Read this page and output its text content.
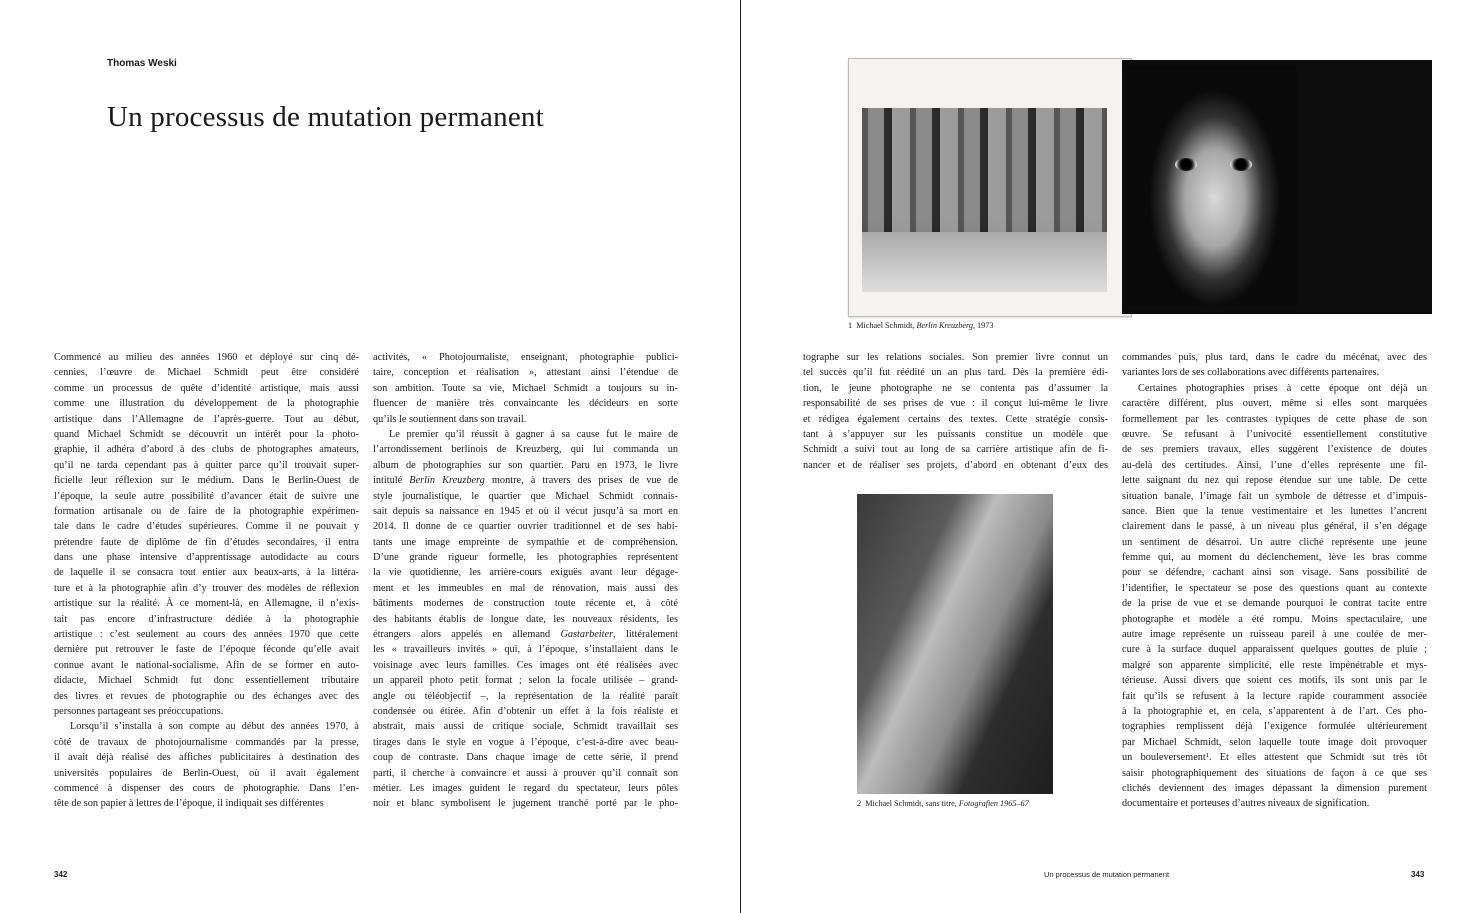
Thomas Weski
Un processus de mutation permanent
Commencé au milieu des années 1960 et déployé sur cinq dé-
cennies, l’œuvre de Michael Schmidt peut être considéré
comme un processus de quête d’identité artistique, mais aussi
comme une illustration du développement de la photographie
artistique dans l’Allemagne de l’après-guerre. Tout au début,
quand Michael Schmidt se découvrit un intérêt pour la photo-
graphie, il adhéra d’abord à des clubs de photographes amateurs,
qu’il ne tarda cependant pas à quitter parce qu’il trouvait super-
ficielle leur réflexion sur le médium. Dans le Berlin-Ouest de
l’époque, la seule autre possibilité d’avancer était de suivre une
formation artisanale ou de faire de la photographie expérimen-
tale dans le cadre d’études supérieures. Comme il ne pouvait y
prétendre faute de diplôme de fin d’études secondaires, il entra
dans une phase intensive d’apprentissage autodidacte au cours
de laquelle il se consacra tout entier aux beaux-arts, à la littéra-
ture et à la photographie afin d’y trouver des modèles de réflexion
artistique sur la réalité. À ce moment-là, en Allemagne, il n’exis-
tait pas encore d’infrastructure dédiée à la photographie
artistique : c’est seulement au cours des années 1970 que cette
dernière put retrouver le faste de l’époque féconde qu’elle avait
connue avant le national-socialisme. Afin de se former en auto-
didacte, Michael Schmidt fut donc essentiellement tributaire
des livres et revues de photographie ou des échanges avec des
personnes partageant ses préoccupations.
Lorsqu’il s’installa à son compte au début des années 1970, à
côté de travaux de photojournalisme commandés par la presse,
il avait déjà réalisé des affiches publicitaires à destination des
universités populaires de Berlin-Ouest, où il avait également
commencé à dispenser des cours de photographie. Dans l’en-
tête de son papier à lettres de l’époque, il indiquait ses différentes
activités, « Photojournaliste, enseignant, photographie publici-
taire, conception et réalisation », attestant ainsi l’étendue de
son ambition. Toute sa vie, Michael Schmidt a toujours su in-
fluencer de manière très convaincante les décideurs en sorte
qu’ils le soutiennent dans son travail.
Le premier qu’il réussit à gagner à sa cause fut le maire de
l’arrondissement berlinois de Kreuzberg, qui lui commanda un
album de photographies sur son quartier. Paru en 1973, le livre
intitulé Berlin Kreuzberg montre, à travers des prises de vue de
style journalistique, le quartier que Michael Schmidt connais-
sait depuis sa naissance en 1945 et où il vécut jusqu’à sa mort en
2014. Il donne de ce quartier ouvrier traditionnel et de ses habi-
tants une image empreinte de sympathie et de compréhension.
D’une grande rigueur formelle, les photographies représentent
la vie quotidienne, les arrière-cours exiguës avant leur dégage-
ment et les immeubles en mal de rénovation, mais aussi des
bâtiments modernes de construction toute récente et, à côté
des habitants établis de longue date, les nouveaux résidents, les
étrangers alors appelés en allemand Gastarbeiter, littéralement
les « travailleurs invités » qui, à l’époque, s’installaient dans le
voisinage avec leurs familles. Ces images ont été réalisées avec
un appareil photo petit format ; selon la focale utilisée – grand-
angle ou téléobjectif –, la représentation de la réalité paraît
condensée ou étirée. Afin d’obtenir un effet à la fois réaliste et
abstrait, mais aussi de critique sociale, Schmidt travaillait ses
tirages dans le style en vogue à l’époque, c’est-à-dire avec beau-
coup de contraste. Dans chaque image de cette série, il prend
parti, il cherche à convaincre et aussi à prouver qu’il connaît son
métier. Les images guident le regard du spectateur, leurs pôles
noir et blanc symbolisent le jugement tranché porté par le pho-
tographe sur les relations sociales. Son premier livre connut un
tel succès qu’il fut réédité un an plus tard. Dès la première édi-
tion, le jeune photographe ne se contenta pas d’assumer la
responsabilité de ses prises de vue : il conçut lui-même le livre
et rédigea également certains des textes. Cette stratégie consis-
tant à s’appuyer sur les puissants constitue un modèle que
Schmidt a suivi tout au long de sa carrière artistique afin de fi-
nancer et de réaliser ses projets, d’abord en obtenant d’eux des
commandes puis, plus tard, dans le cadre du mécénat, avec des
variantes lors de ses collaborations avec différents partenaires.
Certaines photographies prises à cette époque ont déjà un
caractère différent, plus ouvert, même si elles sont marquées
formellement par les contrastes typiques de cette phase de son
œuvre. Se refusant à l’univocité essentiellement constitutive
de ses premiers travaux, elles suggèrent l’existence de doutes
au-delà des certitudes. Ainsi, l’une d’elles représente une fil-
lette saignant du nez qui repose étendue sur une table. De cette
situation banale, l’image fait un symbole de détresse et d’impuis-
sance. Bien que la tenue vestimentaire et les lunettes l’ancrent
clairement dans le passé, à un niveau plus général, il s’en dégage
un sentiment de désarroi. Un autre cliché représente une jeune
femme qui, au moment du déclenchement, lève les bras comme
pour se défendre, cachant ainsi son visage. Sans possibilité de
l’identifier, le spectateur se pose des questions quant au contexte
de la prise de vue et se demande pourquoi le contrat tacite entre
photographe et modèle a été rompu. Moins spectaculaire, une
autre image représente un ruisseau pareil à une coulée de mer-
cure à la surface duquel apparaissent quelques gouttes de pluie ;
malgré son apparente simplicité, elle reste impénétrable et mys-
térieuse. Aussi divers que soient ces motifs, ils sont unis par le
fait qu’ils se refusent à la lecture rapide couramment associée
à la photographie et, en cela, s’apparentent à de l’art. Ces pho-
tographies remplissent déjà l’exigence formulée ultérieurement
par Michael Schmidt, selon laquelle toute image doit provoquer
un bouleversement¹. Et elles attestent que Schmidt sut très tôt
saisir photographiquement des situations de façon à ce que ses
clichés deviennent des images dépassant la dimension purement
documentaire et porteuses d’autres niveaux de signification.
1 Michael Schmidt, Berlin Kreuzberg, 1973
2 Michael Schmidt, sans titre, Fotografien 1965–67
342	Un processus de mutation permanent	343
